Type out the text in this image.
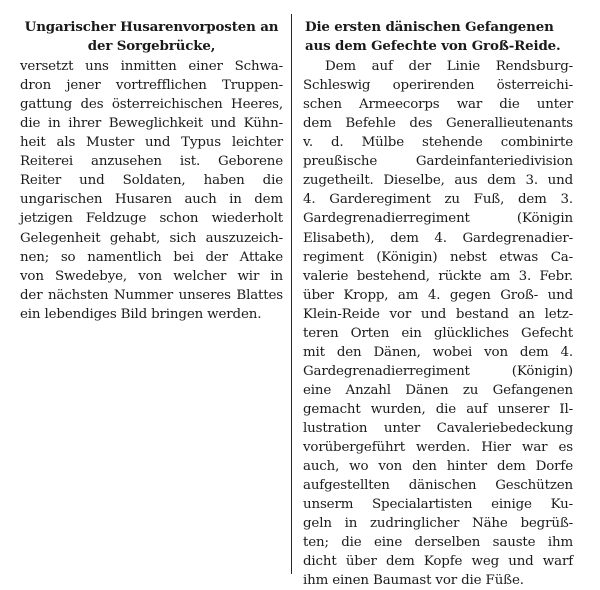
Ungarischer Husarenvorposten an
der Sorgebrücke,
versetzt uns inmitten einer Schwa-
dron jener vortrefflichen Truppen-
gattung des österreichischen Heeres,
die in ihrer Beweglichkeit und Kühn-
heit als Muster und Typus leichter
Reiterei anzusehen ist. Geborene
Reiter und Soldaten, haben die
ungarischen Husaren auch in dem
jetzigen Feldzuge schon wiederholt
Gelegenheit gehabt, sich auszuzeich-
nen; so namentlich bei der Attake
von Swedebye, von welcher wir in
der nächsten Nummer unseres Blattes
ein lebendiges Bild bringen werden.
Die ersten dänischen Gefangenen
aus dem Gefechte von Groß-Reide.
Dem auf der Linie Rendsburg-
Schleswig operirenden österreichi-
schen Armeecorps war die unter
dem Befehle des Generallieutenants
v. d. Mülbe stehende combinirte
preußische Gardeinfanteriedivision
zugetheilt. Dieselbe, aus dem 3. und
4. Garderegiment zu Fuß, dem 3.
Gardegrenadierregiment (Königin
Elisabeth), dem 4. Gardegrenadier-
regiment (Königin) nebst etwas Ca-
valerie bestehend, rückte am 3. Febr.
über Kropp, am 4. gegen Groß- und
Klein-Reide vor und bestand an letz-
teren Orten ein glückliches Gefecht
mit den Dänen, wobei von dem 4.
Gardegrenadierregiment (Königin)
eine Anzahl Dänen zu Gefangenen
gemacht wurden, die auf unserer Il-
lustration unter Cavaleriebedeckung
vorübergeführt werden. Hier war es
auch, wo von den hinter dem Dorfe
aufgestellten dänischen Geschützen
unserm Specialartisten einige Ku-
geln in zudringlicher Nähe begrüß-
ten; die eine derselben sauste ihm
dicht über dem Kopfe weg und warf
ihm einen Baumast vor die Füße.
